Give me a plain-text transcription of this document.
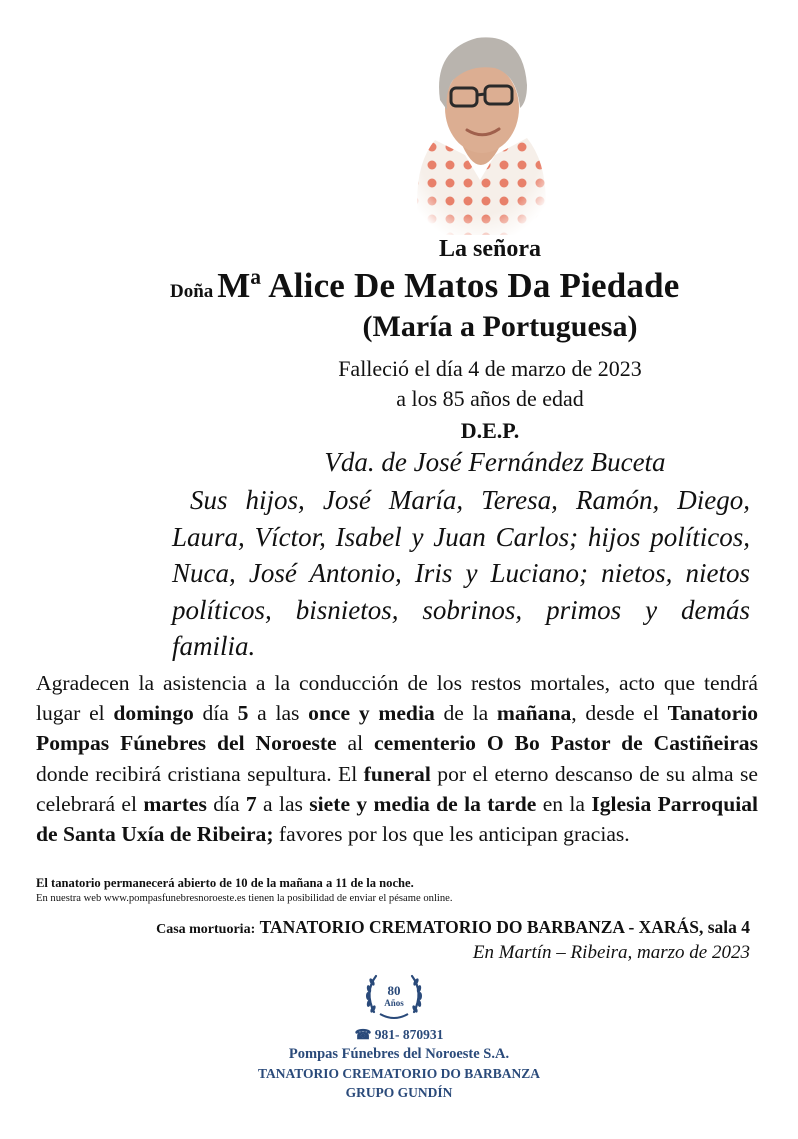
La señora
Doña Mª Alice De Matos Da Piedade
(María a Portuguesa)
Falleció el día 4 de marzo de 2023
a los 85 años de edad
D.E.P.
Vda. de José Fernández Buceta
Sus hijos, José María, Teresa, Ramón, Diego, Laura, Víctor, Isabel y Juan Carlos; hijos políticos, Nuca, José Antonio, Iris y Luciano; nietos, nietos políticos, bisnietos, sobrinos, primos y demás familia.
Agradecen la asistencia a la conducción de los restos mortales, acto que tendrá lugar el domingo día 5 a las once y media de la mañana, desde el Tanatorio Pompas Fúnebres del Noroeste al cementerio O Bo Pastor de Castiñeiras donde recibirá cristiana sepultura. El funeral por el eterno descanso de su alma se celebrará el martes día 7 a las siete y media de la tarde en la Iglesia Parroquial de Santa Uxía de Ribeira; favores por los que les anticipan gracias.
El tanatorio permanecerá abierto de 10 de la mañana a 11 de la noche.
En nuestra web www.pompasfunebresnoroeste.es tienen la posibilidad de enviar el pésame online.
Casa mortuoria: TANATORIO CREMATORIO DO BARBANZA - XARÁS, sala 4
En Martín – Ribeira, marzo de 2023
80
Años
☎ 981- 870931
Pompas Fúnebres del Noroeste S.A.
TANATORIO CREMATORIO DO BARBANZA
GRUPO GUNDÍN
